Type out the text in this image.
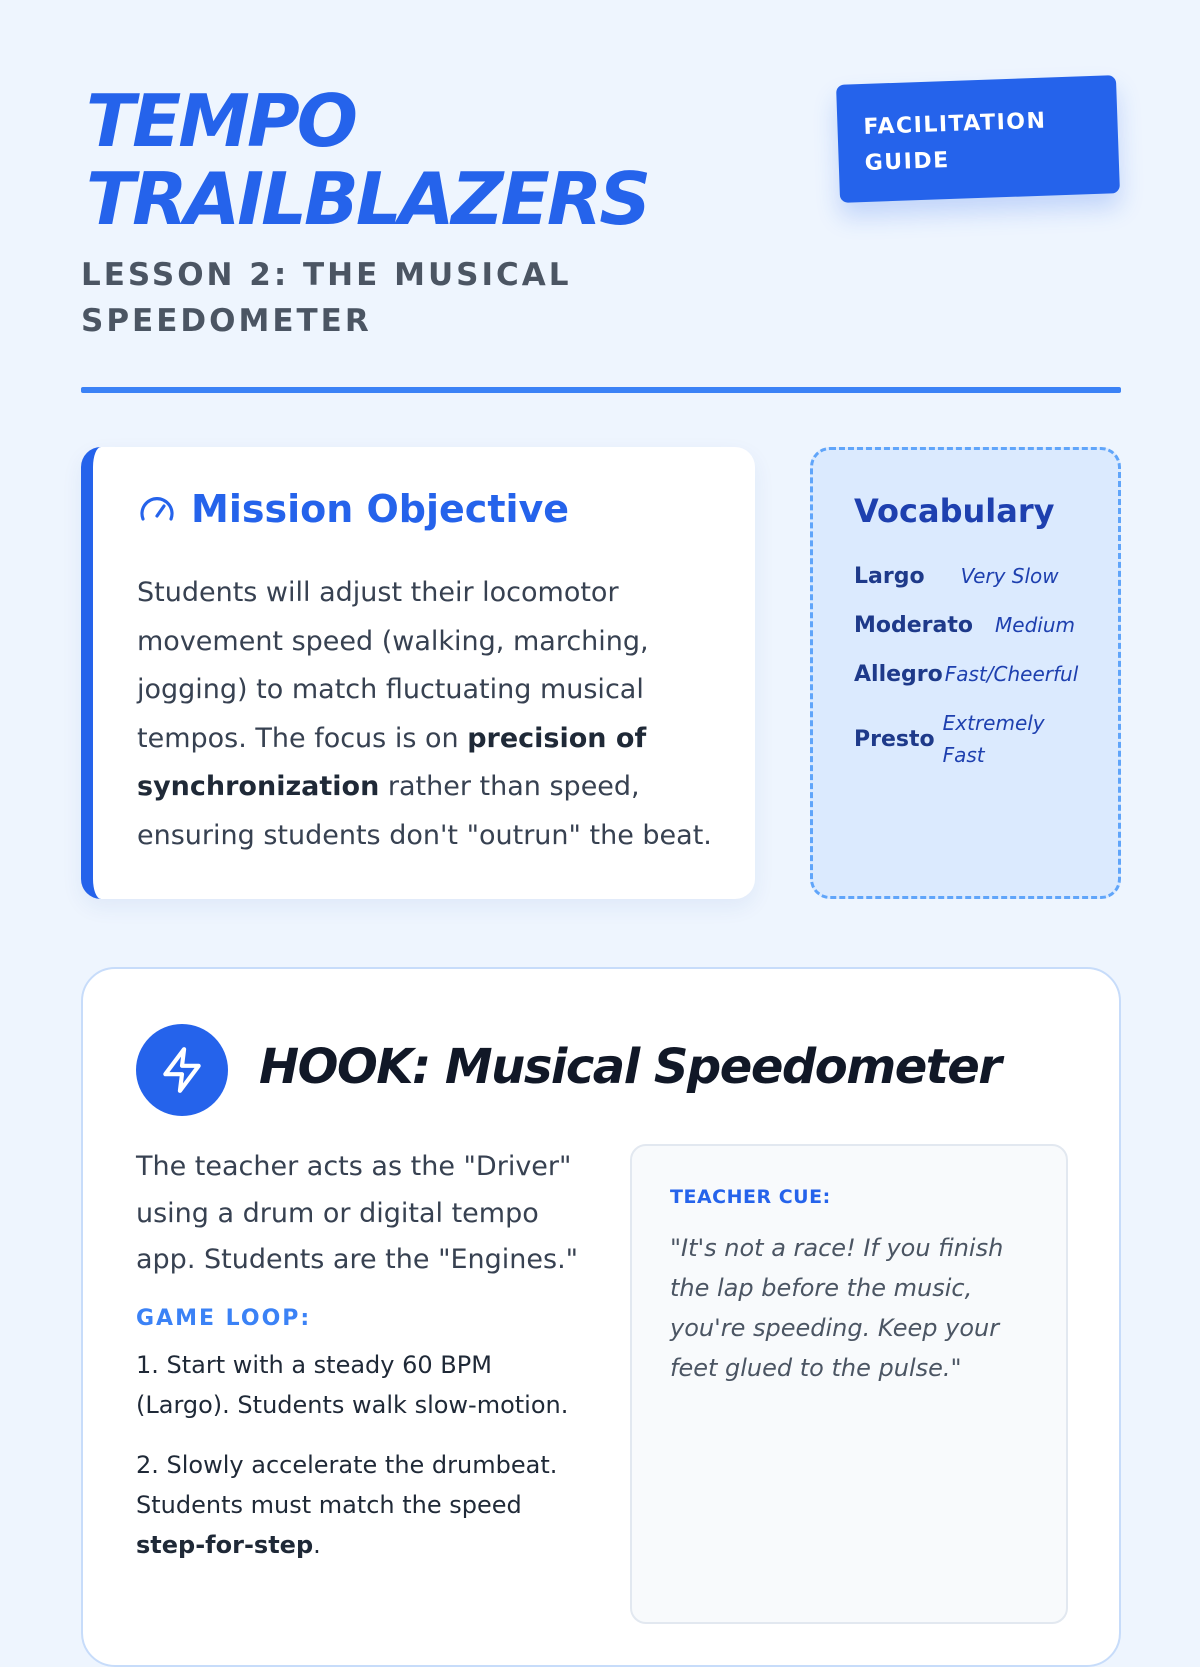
TEMPO
TRAILBLAZERS
LESSON 2: THE MUSICAL
SPEEDOMETER
FACILITATION
GUIDE
Mission Objective

Students will adjust their locomotor movement speed (walking, marching, jogging) to match fluctuating musical tempos. The focus is on precision of synchronization rather than speed, ensuring students don't "outrun" the beat.

Vocabulary
Largo Very Slow
Moderato Medium
Allegro Fast/Cheerful
Presto
Extremely Fast
HOOK: Musical Speedometer

The teacher acts as the "Driver" using a drum or digital tempo app. Students are the "Engines."

GAME LOOP:

1. Start with a steady 60 BPM (Largo). Students walk slow-motion.

2. Slowly accelerate the drumbeat. Students must match the speed step-for-step.

TEACHER CUE:

"It's not a race! If you finish the lap before the music, you're speeding. Keep your feet glued to the pulse."
